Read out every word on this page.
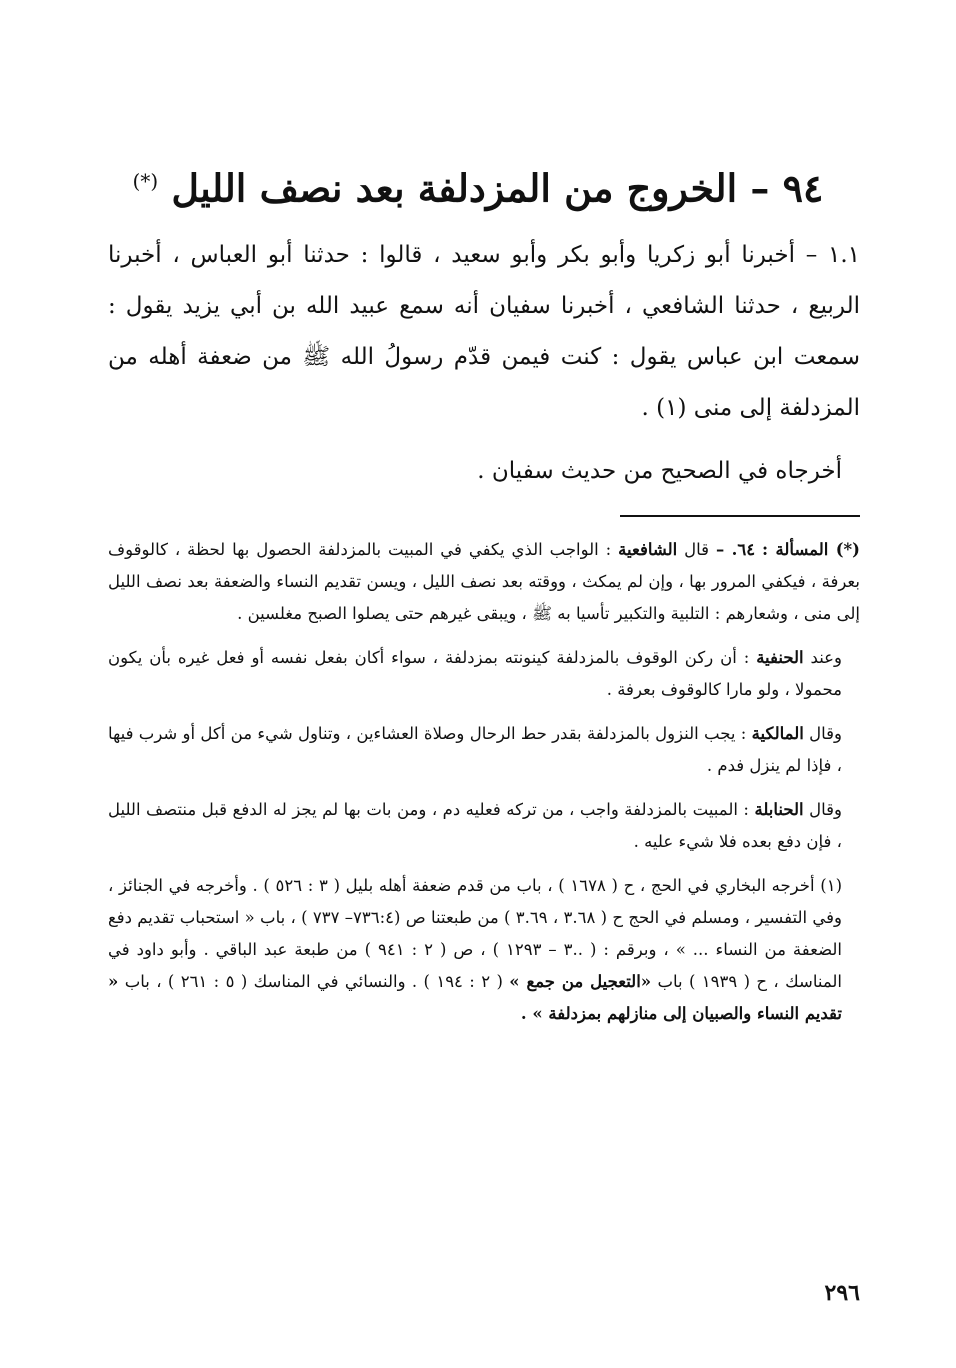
٩٤ – الخروج من المزدلفة بعد نصف الليل (*)

١.١ – أخبرنا أبو زكريا وأبو بكر وأبو سعيد ، قالوا : حدثنا أبو العباس ، أخبرنا الربيع ، حدثنا الشافعي ، أخبرنا سفيان أنه سمع عبيد الله بن أبي يزيد يقول : سمعت ابن عباس يقول : كنت فيمن قدّم رسولُ الله ﷺ من ضعفة أهله من المزدلفة إلى منى (١) .

أخرجاه في الصحيح من حديث سفيان .

(*) المسألة : ٦٤. – قال الشافعية : الواجب الذي يكفي في المبيت بالمزدلفة الحصول بها لحظة ، كالوقوف بعرفة ، فيكفي المرور بها ، وإن لم يمكث ، ووقته بعد نصف الليل ، ويسن تقديم النساء والضعفة بعد نصف الليل إلى منى ، وشعارهم : التلبية والتكبير تأسيا به ﷺ ، ويبقى غيرهم حتى يصلوا الصبح مغلسين .

وعند الحنفية : أن ركن الوقوف بالمزدلفة كينونته بمزدلفة ، سواء أكان بفعل نفسه أو فعل غيره بأن يكون محمولا ، ولو مارا كالوقوف بعرفة .

وقال المالكية : يجب النزول بالمزدلفة بقدر حط الرحال وصلاة العشاءين ، وتناول شيء من أكل أو شرب فيها ، فإذا لم ينزل فدم .

وقال الحنابلة : المبيت بالمزدلفة واجب ، من تركه فعليه دم ، ومن بات بها لم يجز له الدفع قبل منتصف الليل ، فإن دفع بعده فلا شيء عليه .

(١) أخرجه البخاري في الحج ، ح ( ١٦٧٨ ) ، باب من قدم ضعفة أهله بليل ( ٣ : ٥٢٦ ) . وأخرجه في الجنائز ، وفي التفسير ، ومسلم في الحج ح ( ٣.٦٨ ، ٣.٦٩ ) من طبعتنا ص (٧٣٦:٤– ٧٣٧ ) ، باب « استحباب تقديم دفع الضعفة من النساء ... » ، وبرقم : ( ..٣ – ١٢٩٣ ) ، ص ( ٢ : ٩٤١ ) من طبعة عبد الباقي . وأبو داود في المناسك ، ح ( ١٩٣٩ ) باب «التعجيل من جمع » ( ٢ : ١٩٤ ) . والنسائي في المناسك ( ٥ : ٢٦١ ) ، باب « تقديم النساء والصبيان إلى منازلهم بمزدلفة » .

٢٩٦
